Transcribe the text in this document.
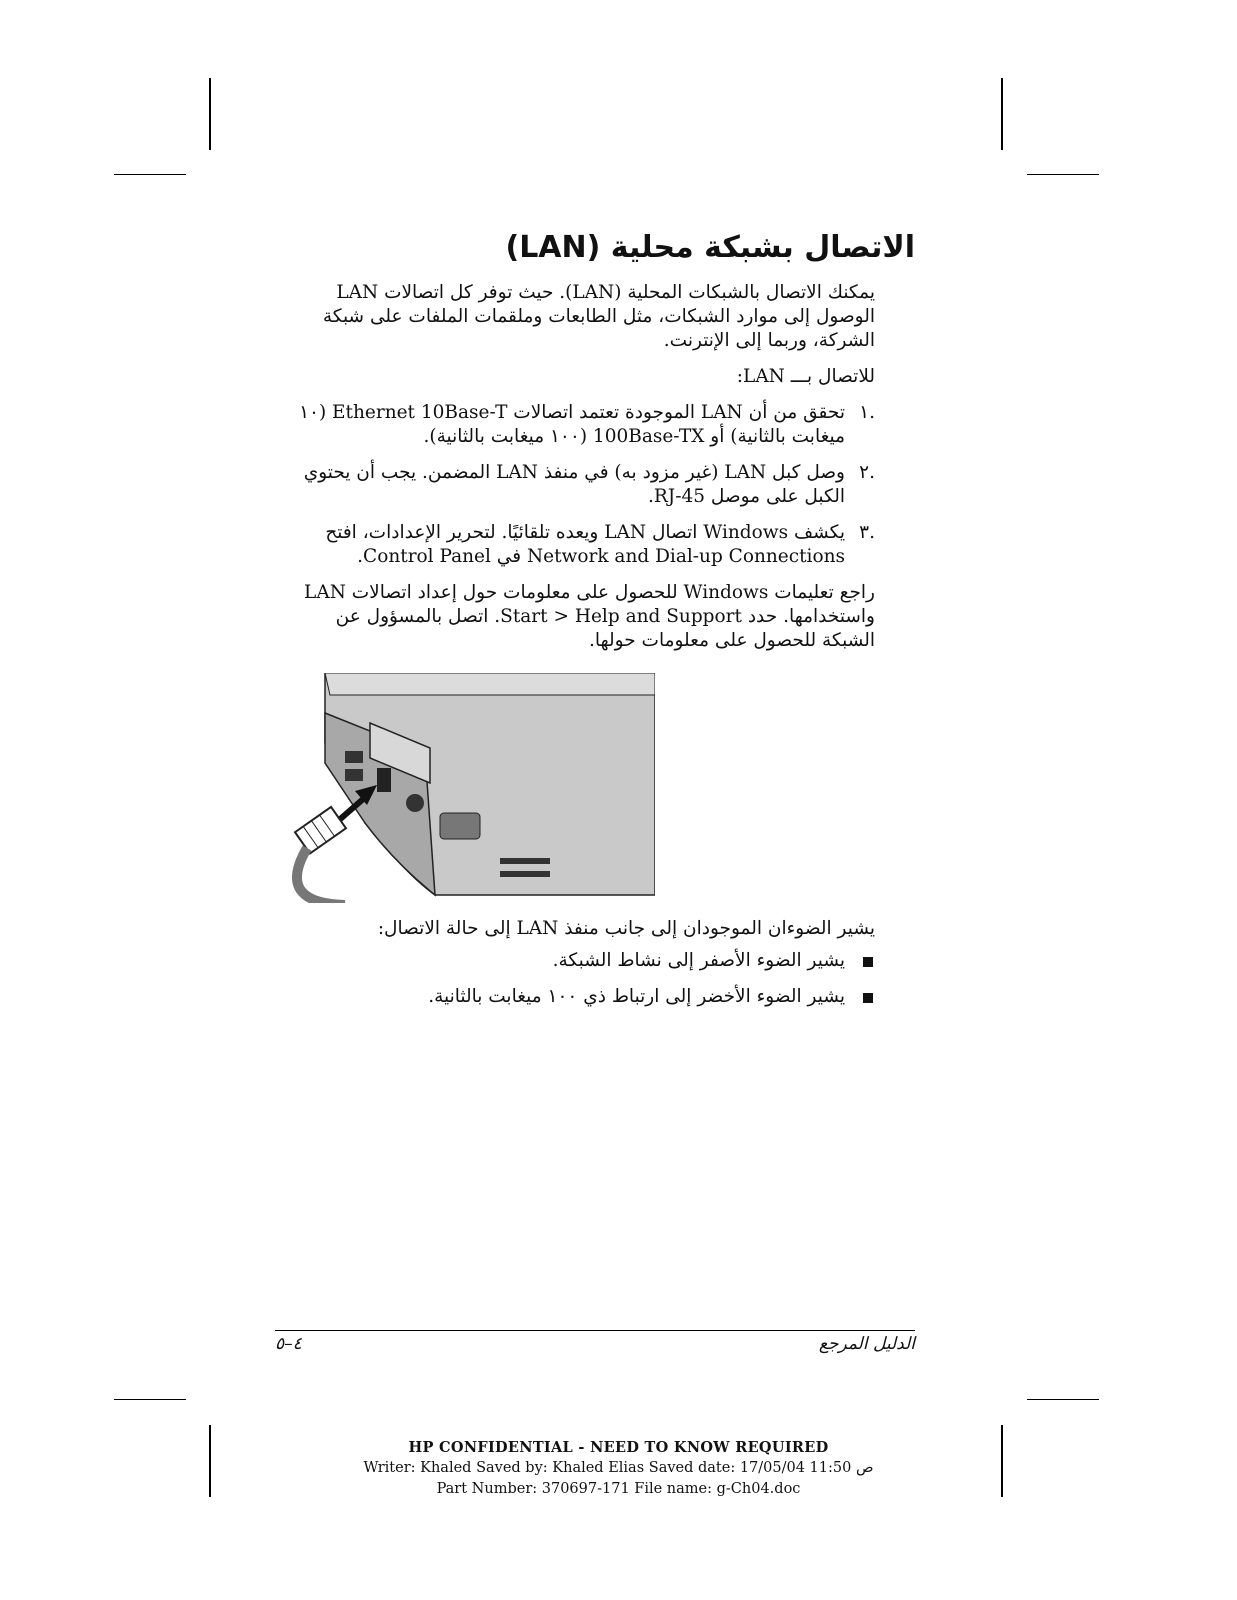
الاتصال بشبكة محلية (LAN)

يمكنك الاتصال بالشبكات المحلية (LAN). حيث توفر كل اتصالات LAN الوصول إلى موارد الشبكات، مثل الطابعات وملقمات الملفات على شبكة الشركة، وربما إلى الإنترنت.

للاتصال بـــ LAN:

.١
تحقق من أن LAN الموجودة تعتمد اتصالات Ethernet 10Base-T (١٠ ميغابت بالثانية) أو 100Base-TX (١٠٠ ميغابت بالثانية).
.٢
وصل كبل LAN (غير مزود به) في منفذ LAN المضمن. يجب أن يحتوي الكبل على موصل RJ-45.
.٣
يكشف Windows اتصال LAN ويعده تلقائيًا. لتحرير الإعدادات، افتح Network and Dial-up Connections في Control Panel.

راجع تعليمات Windows للحصول على معلومات حول إعداد اتصالات LAN واستخدامها. حدد Start > Help and Support. اتصل بالمسؤول عن الشبكة للحصول على معلومات حولها.

يشير الضوءان الموجودان إلى جانب منفذ LAN إلى حالة الاتصال:

يشير الضوء الأصفر إلى نشاط الشبكة.
يشير الضوء الأخضر إلى ارتباط ذي ١٠٠ ميغابت بالثانية.
٤–٥	الدليل المرجع
HP CONFIDENTIAL - NEED TO KNOW REQUIRED
Writer: Khaled Saved by: Khaled Elias Saved date: 17/05/04 11:50 ص
Part Number: 370697-171 File name: g-Ch04.doc
